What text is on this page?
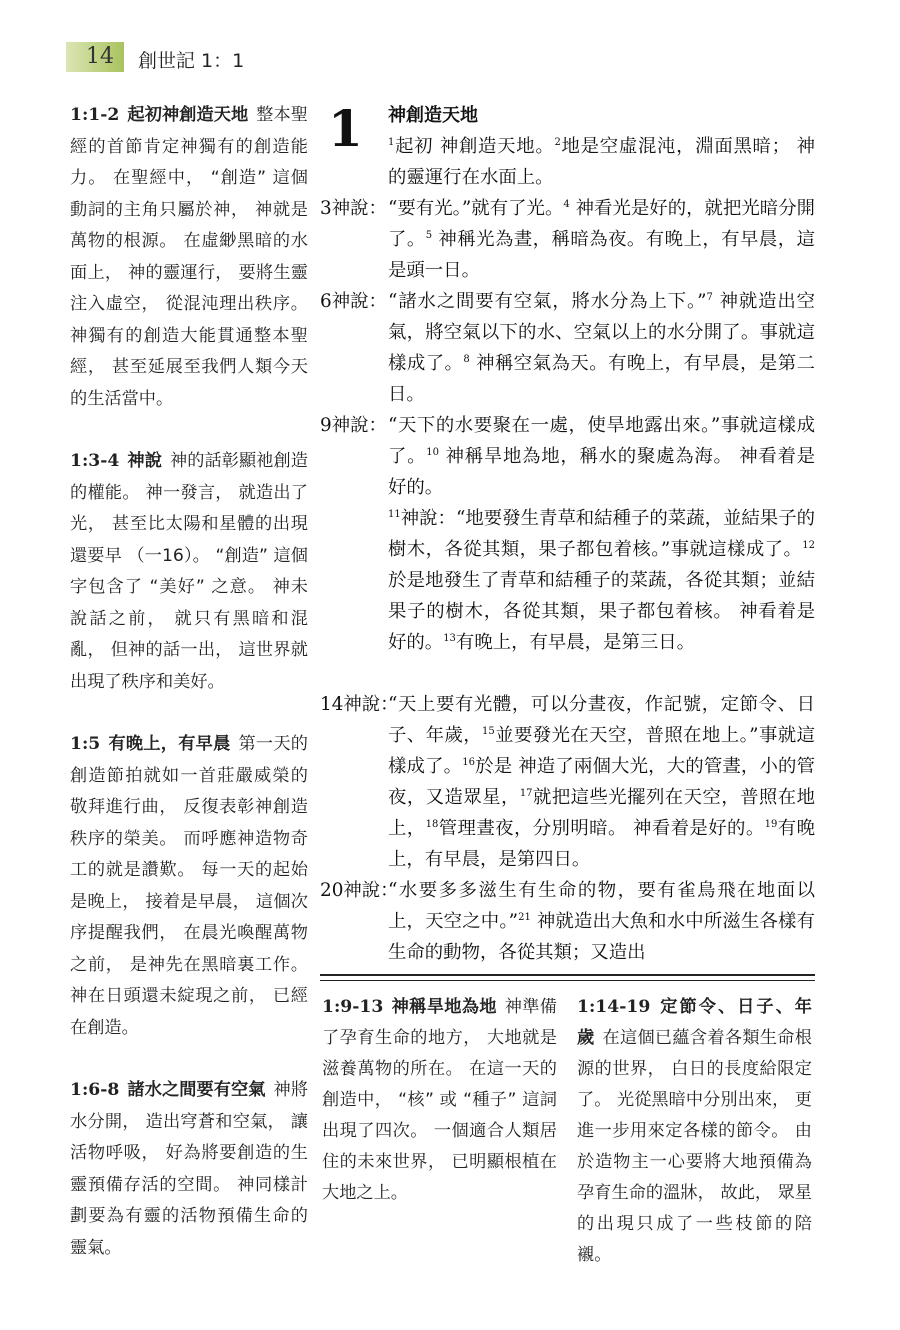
14 創世記 1：1
1:1-2 起初神創造天地 整本聖經的首節肯定神獨有的創造能力。 在聖經中， “創造” 這個動詞的主角只屬於神， 神就是萬物的根源。 在虛緲黑暗的水面上， 神的靈運行， 要將生靈注入虛空， 從混沌理出秩序。 神獨有的創造大能貫通整本聖經， 甚至延展至我們人類今天的生活當中。
1:3-4 神說 神的話彰顯祂創造的權能。 神一發言， 就造出了光， 甚至比太陽和星體的出現還要早 （一16）。 “創造” 這個字包含了 “美好” 之意。 神未說話之前， 就只有黑暗和混亂， 但神的話一出， 這世界就出現了秩序和美好。
1:5 有晚上，有早晨 第一天的創造節拍就如一首莊嚴威榮的敬拜進行曲， 反復表彰神創造秩序的榮美。 而呼應神造物奇工的就是讚歎。 每一天的起始是晚上， 接着是早晨， 這個次序提醒我們， 在晨光喚醒萬物之前， 是神先在黑暗裏工作。 神在日頭還未綻現之前， 已經在創造。
1:6-8 諸水之間要有空氣 神將水分開， 造出穹蒼和空氣， 讓活物呼吸， 好為將要創造的生靈預備存活的空間。 神同樣計劃要為有靈的活物預備生命的靈氣。
1 神創造天地
$^1$起初 神創造天地。$^2$地是空虛混沌，淵面黑暗； 神的靈運行在水面上。
3神說： “要有光。”就有了光。$^4$ 神看光是好的，就把光暗分開了。$^5$ 神稱光為晝，稱暗為夜。有晚上，有早晨，這是頭一日。
6神說： “諸水之間要有空氣，將水分為上下。”$^7$ 神就造出空氣，將空氣以下的水、空氣以上的水分開了。事就這樣成了。$^8$ 神稱空氣為天。有晚上，有早晨，是第二日。
9神說： “天下的水要聚在一處，使旱地露出來。”事就這樣成了。$^{10}$ 神稱旱地為地，稱水的聚處為海。 神看着是好的。
$^{11}$神說：“地要發生青草和結種子的菜蔬，並結果子的樹木，各從其類，果子都包着核。”事就這樣成了。$^{12}$於是地發生了青草和結種子的菜蔬，各從其類；並結果子的樹木，各從其類，果子都包着核。 神看着是好的。$^{13}$有晚上，有早晨，是第三日。
14神說：
“天上要有光體，可以分晝夜，作記號，定節令、日子、年歲，$^{15}$並要發光在天空，普照在地上。”事就這樣成了。$^{16}$於是 神造了兩個大光，大的管晝，小的管夜，又造眾星，$^{17}$就把這些光擺列在天空，普照在地上，$^{18}$管理晝夜，分別明暗。 神看着是好的。$^{19}$有晚上，有早晨，是第四日。
20神說：
“水要多多滋生有生命的物，要有雀鳥飛在地面以上，天空之中。”$^{21}$ 神就造出大魚和水中所滋生各樣有生命的動物，各從其類；又造出
1:9-13 神稱旱地為地 神準備了孕育生命的地方， 大地就是滋養萬物的所在。 在這一天的創造中， “核” 或 “種子” 這詞出現了四次。 一個適合人類居住的未來世界， 已明顯根植在大地之上。
1:14-19 定節令、日子、年歲 在這個已蘊含着各類生命根源的世界， 白日的長度給限定了。 光從黑暗中分別出來， 更進一步用來定各樣的節令。 由於造物主一心要將大地預備為孕育生命的溫牀， 故此， 眾星的出現只成了一些枝節的陪襯。
